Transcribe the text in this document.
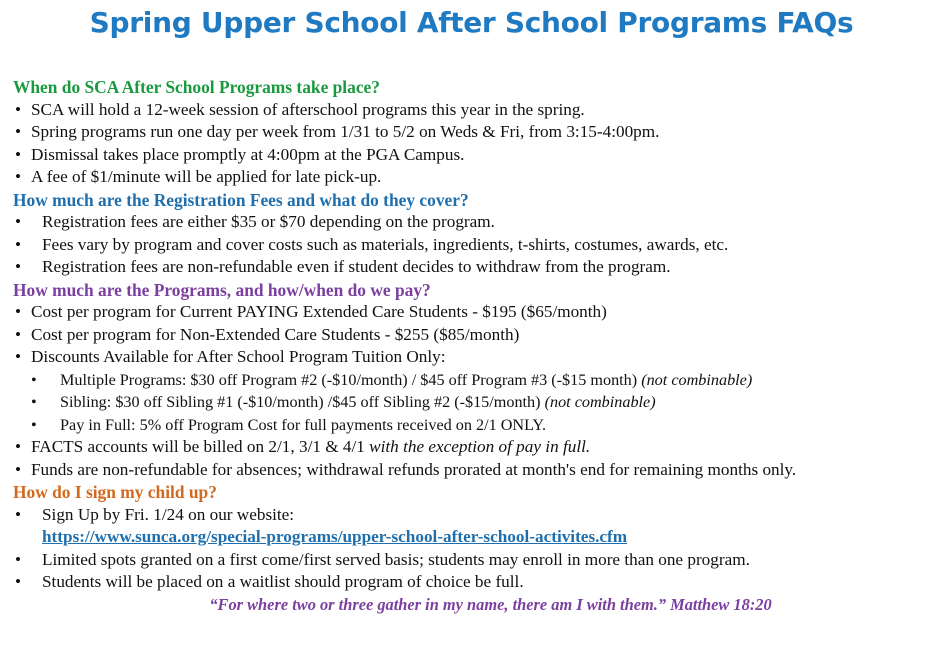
Spring Upper School After School Programs FAQs
When do SCA After School Programs take place?
• SCA will hold a 12-week session of afterschool programs this year in the spring.
• Spring programs run one day per week from 1/31 to 5/2 on Weds & Fri, from 3:15-4:00pm.
• Dismissal takes place promptly at 4:00pm at the PGA Campus.
• A fee of $1/minute will be applied for late pick-up.
How much are the Registration Fees and what do they cover?
• Registration fees are either $35 or $70 depending on the program.
• Fees vary by program and cover costs such as materials, ingredients, t-shirts, costumes, awards, etc.
• Registration fees are non-refundable even if student decides to withdraw from the program.
How much are the Programs, and how/when do we pay?
• Cost per program for Current PAYING Extended Care Students - $195 ($65/month)
• Cost per program for Non-Extended Care Students - $255 ($85/month)
• Discounts Available for After School Program Tuition Only:
• Multiple Programs: $30 off Program #2 (-$10/month) / $45 off Program #3 (-$15 month) (not combinable)
• Sibling: $30 off Sibling #1 (-$10/month) /$45 off Sibling #2 (-$15/month) (not combinable)
• Pay in Full: 5% off Program Cost for full payments received on 2/1 ONLY.
• FACTS accounts will be billed on 2/1, 3/1 & 4/1 with the exception of pay in full.
• Funds are non-refundable for absences; withdrawal refunds prorated at month's end for remaining months only.
How do I sign my child up?
• Sign Up by Fri. 1/24 on our website:
https://www.sunca.org/special-programs/upper-school-after-school-activites.cfm
• Limited spots granted on a first come/first served basis; students may enroll in more than one program.
• Students will be placed on a waitlist should program of choice be full.
“For where two or three gather in my name, there am I with them.” Matthew 18:20
